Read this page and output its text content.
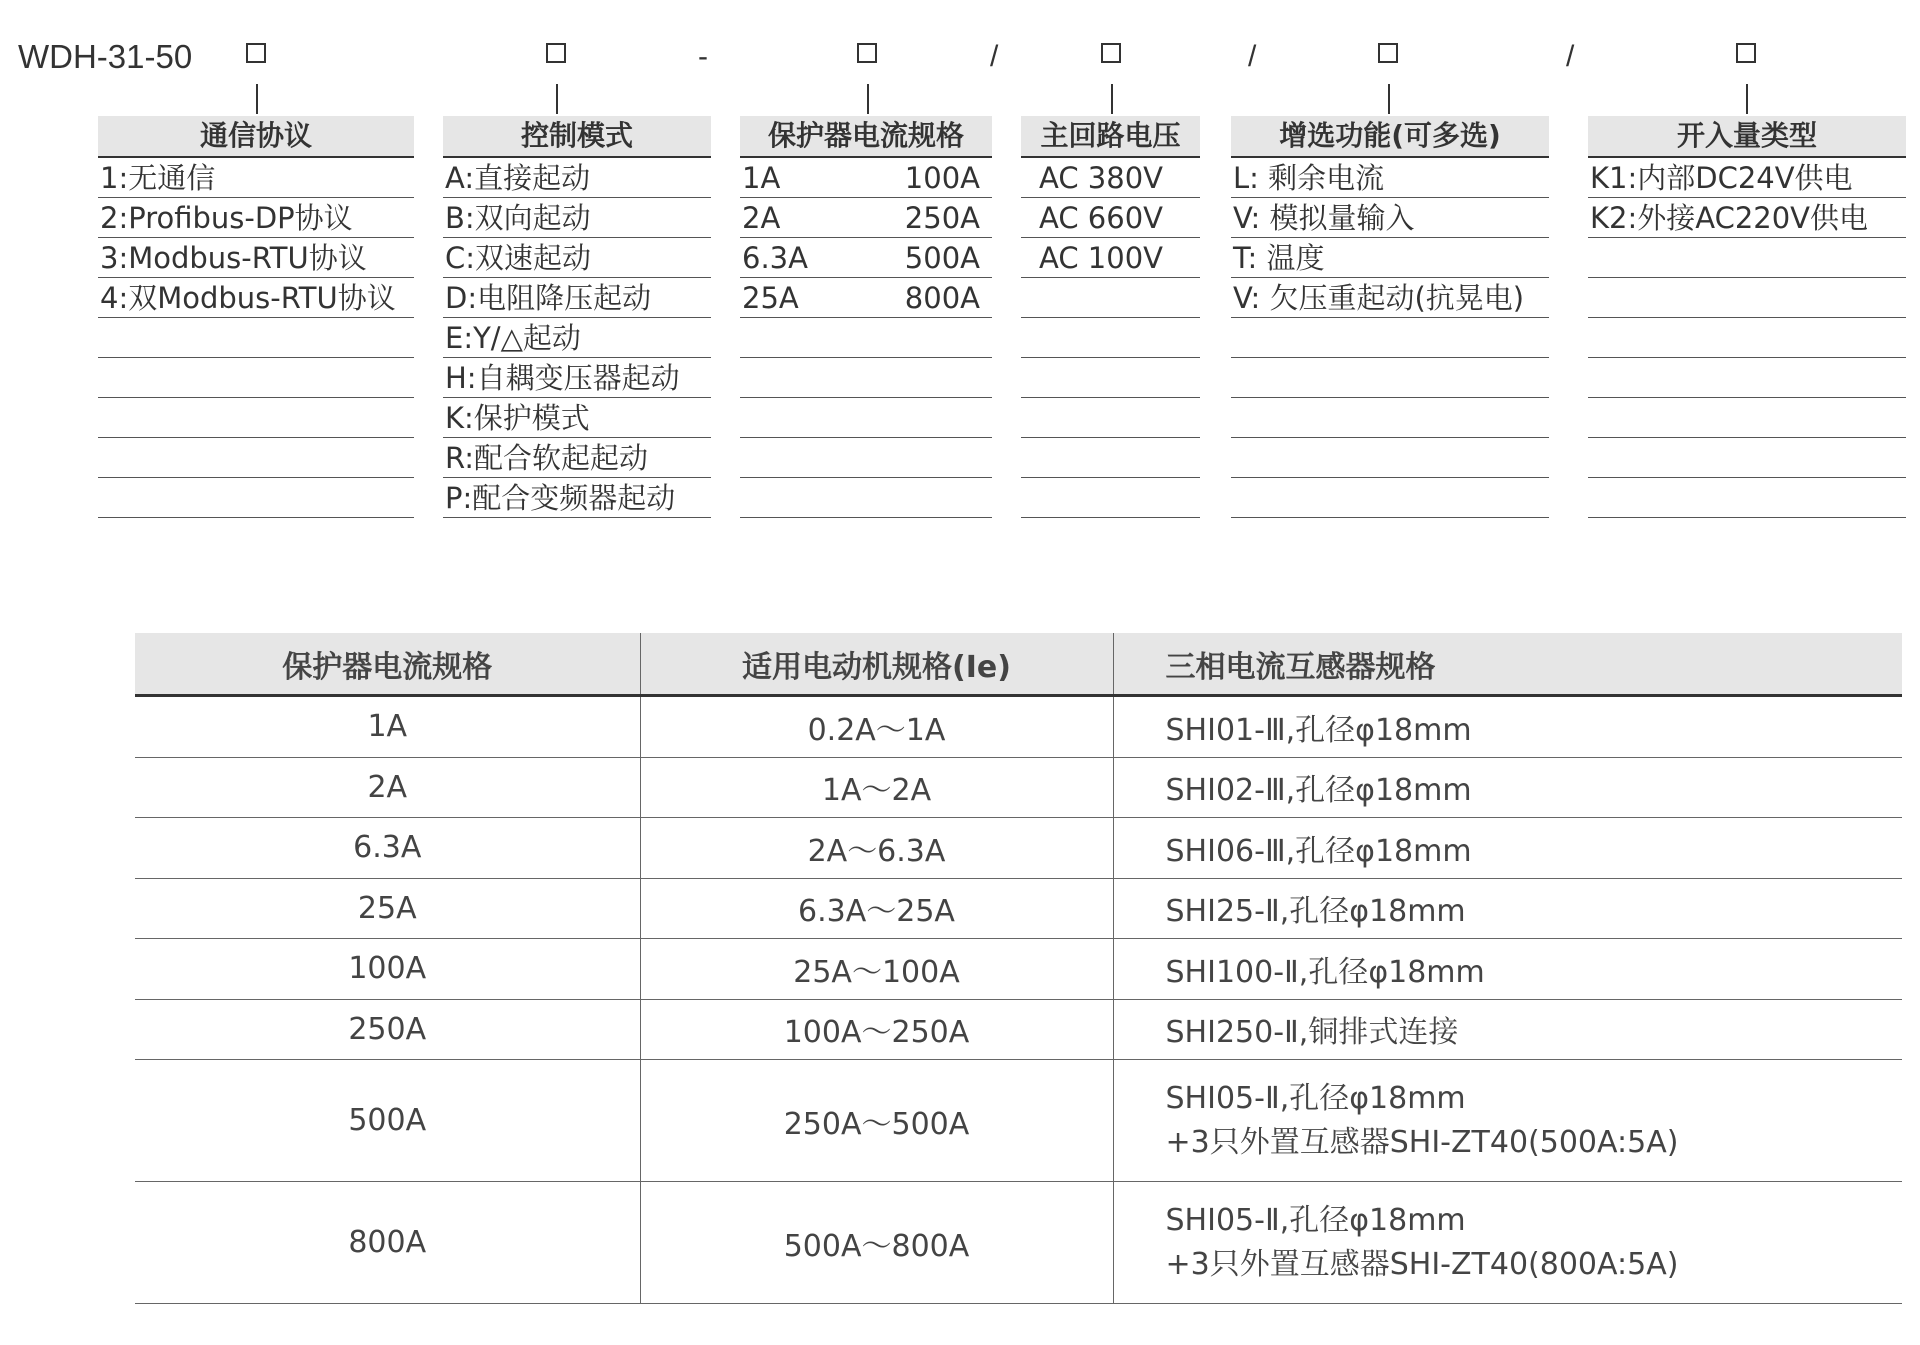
WDH-31-50	-	/	/	/
通信协议
1:无通信
2:Profibus-DP协议
3:Modbus-RTU协议
4:双Modbus-RTU协议
控制模式
A:直接起动
B:双向起动
C:双速起动
D:电阻降压起动
E:Y/△起动
H:自耦变压器起动
K:保护模式
R:配合软起起动
P:配合变频器起动
保护器电流规格
1A	100A
2A	250A
6.3A	500A
25A	800A
主回路电压
AC 380V
AC 660V
AC 100V
增选功能(可多选)
L: 剩余电流
V: 模拟量输入
T: 温度
V: 欠压重起动(抗晃电)
开入量类型
K1:内部DC24V供电
K2:外接AC220V供电
保护器电流规格	适用电动机规格(Ie)	三相电流互感器规格
1A	0.2A～1A	SHI01-Ⅲ,孔径φ18mm
2A	1A～2A	SHI02-Ⅲ,孔径φ18mm
6.3A	2A～6.3A	SHI06-Ⅲ,孔径φ18mm
25A	6.3A～25A	SHI25-Ⅱ,孔径φ18mm
100A	25A～100A	SHI100-Ⅱ,孔径φ18mm
250A	100A～250A	SHI250-Ⅱ,铜排式连接
500A	250A～500A	SHI05-Ⅱ,孔径φ18mm
+3只外置互感器SHI-ZT40(500A:5A)

800A	500A～800A	SHI05-Ⅱ,孔径φ18mm
+3只外置互感器SHI-ZT40(800A:5A)
